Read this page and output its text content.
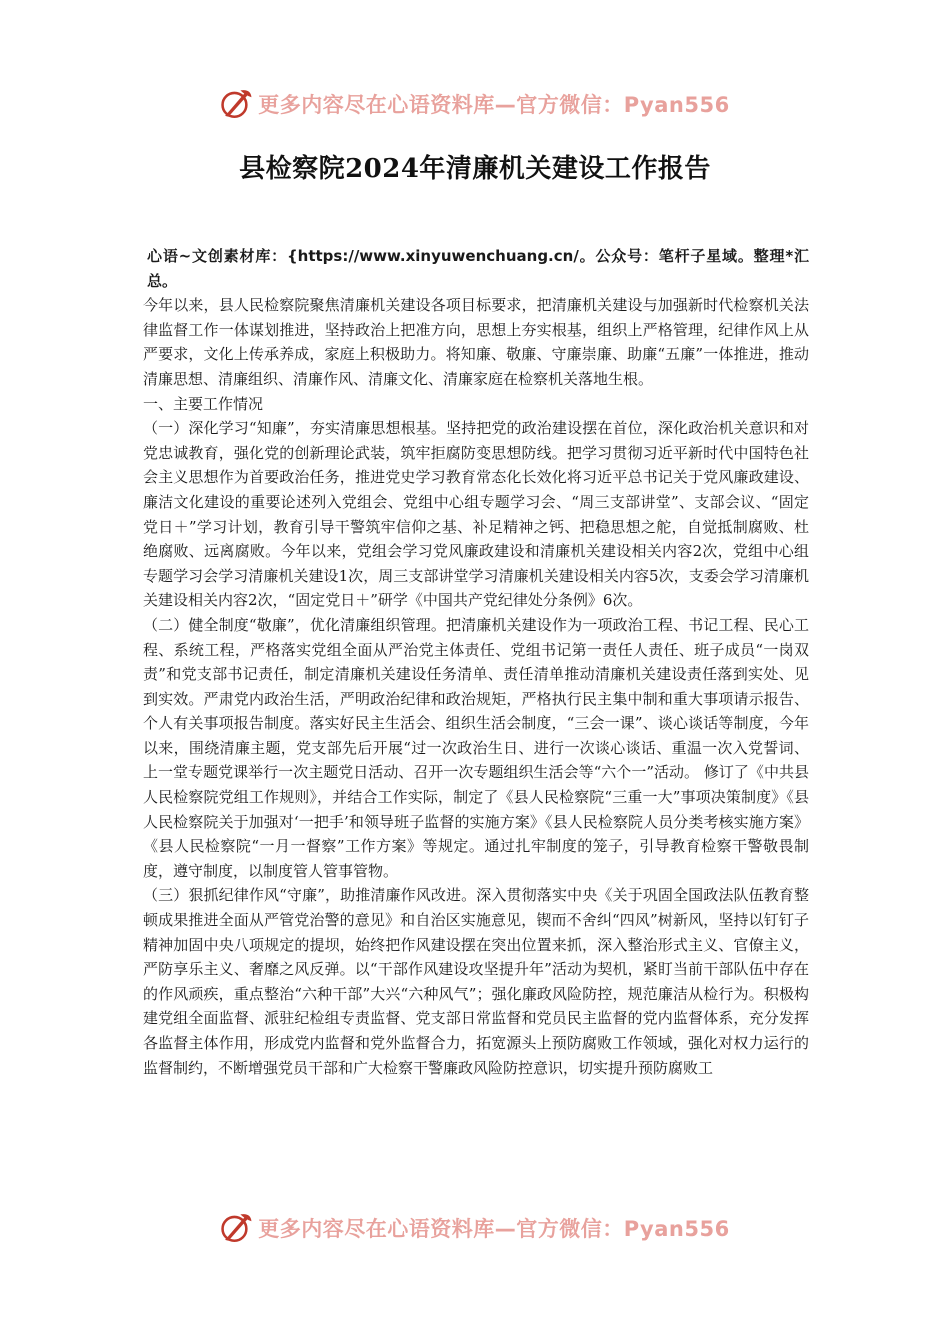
更多内容尽在心语资料库—官方微信：Pyan556
县检察院2024年清廉机关建设工作报告

心语~文创素材库：{https://www.xinyuwenchuang.cn/。公众号：笔杆子星域。整理*汇总。

今年以来，县人民检察院聚焦清廉机关建设各项目标要求，把清廉机关建设与加强新时代检察机关法律监督工作一体谋划推进，坚持政治上把准方向，思想上夯实根基，组织上严格管理，纪律作风上从严要求，文化上传承养成，家庭上积极助力。将知廉、敬廉、守廉崇廉、助廉“五廉”一体推进，推动清廉思想、清廉组织、清廉作风、清廉文化、清廉家庭在检察机关落地生根。

一、主要工作情况

（一）深化学习“知廉”，夯实清廉思想根基。坚持把党的政治建设摆在首位，深化政治机关意识和对党忠诚教育，强化党的创新理论武装，筑牢拒腐防变思想防线。把学习贯彻习近平新时代中国特色社会主义思想作为首要政治任务，推进党史学习教育常态化长效化将习近平总书记关于党风廉政建设、廉洁文化建设的重要论述列入党组会、党组中心组专题学习会、“周三支部讲堂”、支部会议、“固定党日＋”学习计划，教育引导干警筑牢信仰之基、补足精神之钙、把稳思想之舵，自觉抵制腐败、杜绝腐败、远离腐败。今年以来，党组会学习党风廉政建设和清廉机关建设相关内容2次，党组中心组专题学习会学习清廉机关建设1次，周三支部讲堂学习清廉机关建设相关内容5次，支委会学习清廉机关建设相关内容2次，“固定党日＋”研学《中国共产党纪律处分条例》6次。

（二）健全制度“敬廉”，优化清廉组织管理。把清廉机关建设作为一项政治工程、书记工程、民心工程、系统工程，严格落实党组全面从严治党主体责任、党组书记第一责任人责任、班子成员“一岗双责”和党支部书记责任，制定清廉机关建设任务清单、责任清单推动清廉机关建设责任落到实处、见到实效。严肃党内政治生活，严明政治纪律和政治规矩，严格执行民主集中制和重大事项请示报告、个人有关事项报告制度。落实好民主生活会、组织生活会制度，“三会一课”、谈心谈话等制度，今年以来，围绕清廉主题，党支部先后开展“过一次政治生日、进行一次谈心谈话、重温一次入党誓词、上一堂专题党课举行一次主题党日活动、召开一次专题组织生活会等“六个一”活动。 修订了《中共县人民检察院党组工作规则》，并结合工作实际，制定了《县人民检察院“三重一大”事项决策制度》《县人民检察院关于加强对‘一把手’和领导班子监督的实施方案》《县人民检察院人员分类考核实施方案》《县人民检察院“一月一督察”工作方案》等规定。通过扎牢制度的笼子，引导教育检察干警敬畏制度，遵守制度，以制度管人管事管物。

（三）狠抓纪律作风“守廉”，助推清廉作风改进。深入贯彻落实中央《关于巩固全国政法队伍教育整顿成果推进全面从严管党治警的意见》和自治区实施意见，锲而不舍纠“四风”树新风，坚持以钉钉子精神加固中央八项规定的提坝，始终把作风建设摆在突出位置来抓，深入整治形式主义、官僚主义，严防享乐主义、奢靡之风反弹。以“干部作风建设攻坚提升年”活动为契机，紧盯当前干部队伍中存在的作风顽疾，重点整治“六种干部”大兴“六种风气”；强化廉政风险防控，规范廉洁从检行为。积极构建党组全面监督、派驻纪检组专责监督、党支部日常监督和党员民主监督的党内监督体系，充分发挥各监督主体作用，形成党内监督和党外监督合力，拓宽源头上预防腐败工作领域，强化对权力运行的监督制约，不断增强党员干部和广大检察干警廉政风险防控意识，切实提升预防腐败工

更多内容尽在心语资料库—官方微信：Pyan556
